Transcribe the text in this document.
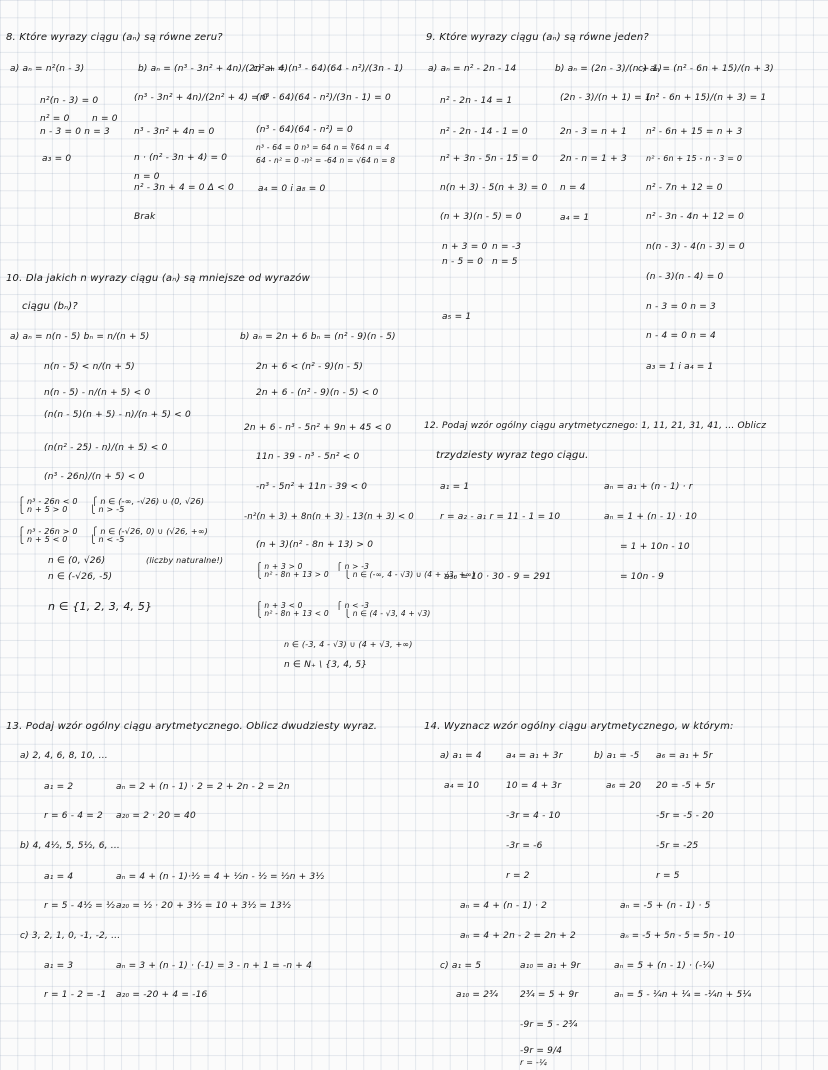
8. Które wyrazy ciągu (aₙ) są równe zeru?
a) aₙ = n²(n - 3)
n²(n - 3) = 0
n² = 0 n = 0
n - 3 = 0 n = 3
a₃ = 0
b) aₙ = (n³ - 3n² + 4n)/(2n² + 4)
(n³ - 3n² + 4n)/(2n² + 4) = 0
n³ - 3n² + 4n = 0
n · (n² - 3n + 4) = 0
n = 0
n² - 3n + 4 = 0 Δ < 0
Brak
c) aₙ = (n³ - 64)(64 - n²)/(3n - 1)
(n³ - 64)(64 - n²)/(3n - 1) = 0
(n³ - 64)(64 - n²) = 0
n³ - 64 = 0 n³ = 64 n = ∛64 n = 4
64 - n² = 0 -n² = -64 n = √64 n = 8
a₄ = 0 i a₈ = 0
9. Które wyrazy ciągu (aₙ) są równe jeden?
a) aₙ = n² - 2n - 14
n² - 2n - 14 = 1
n² - 2n - 14 - 1 = 0
n² + 3n - 5n - 15 = 0
n(n + 3) - 5(n + 3) = 0
(n + 3)(n - 5) = 0
n + 3 = 0 n = -3
n - 5 = 0 n = 5
a₅ = 1
b) aₙ = (2n - 3)/(n + 1)
(2n - 3)/(n + 1) = 1
2n - 3 = n + 1
2n - n = 1 + 3
n = 4
a₄ = 1
c) aₙ = (n² - 6n + 15)/(n + 3)
(n² - 6n + 15)/(n + 3) = 1
n² - 6n + 15 = n + 3
n² - 6n + 15 - n - 3 = 0
n² - 7n + 12 = 0
n² - 3n - 4n + 12 = 0
n(n - 3) - 4(n - 3) = 0
(n - 3)(n - 4) = 0
n - 3 = 0 n = 3
n - 4 = 0 n = 4
a₃ = 1 i a₄ = 1
10. Dla jakich n wyrazy ciągu (aₙ) są mniejsze od wyrazów
ciągu (bₙ)?
a) aₙ = n(n - 5) bₙ = n/(n + 5)
n(n - 5) < n/(n + 5)
n(n - 5) - n/(n + 5) < 0
(n(n - 5)(n + 5) - n)/(n + 5) < 0
(n(n² - 25) - n)/(n + 5) < 0
(n³ - 26n)/(n + 5) < 0
⎧ n³ - 26n < 0     ⎧ n ∈ (-∞, -√26) ∪ (0, √26)
⎩ n + 5 > 0        ⎩ n > -5
⎧ n³ - 26n > 0     ⎧ n ∈ (-√26, 0) ∪ (√26, +∞)
⎩ n + 5 < 0        ⎩ n < -5
n ∈ (0, √26)	(liczby naturalne!)
n ∈ (-√26, -5)
n ∈ {1, 2, 3, 4, 5}
b) aₙ = 2n + 6 bₙ = (n² - 9)(n - 5)
2n + 6 < (n² - 9)(n - 5)
2n + 6 - (n² - 9)(n - 5) < 0
2n + 6 - n³ - 5n² + 9n + 45 < 0
11n - 39 - n³ - 5n² < 0
-n³ - 5n² + 11n - 39 < 0
-n²(n + 3) + 8n(n + 3) - 13(n + 3) < 0
(n + 3)(n² - 8n + 13) > 0
⎧ n + 3 > 0             ⎧ n > -3
⎩ n² - 8n + 13 > 0      ⎩ n ∈ (-∞, 4 - √3) ∪ (4 + √3, +∞)
⎧ n + 3 < 0             ⎧ n < -3
⎩ n² - 8n + 13 < 0      ⎩ n ∈ (4 - √3, 4 + √3)
n ∈ (-3, 4 - √3) ∪ (4 + √3, +∞)
n ∈ N₊ \ {3, 4, 5}
12. Podaj wzór ogólny ciągu arytmetycznego: 1, 11, 21, 31, 41, ... Oblicz
trzydziesty wyraz tego ciągu.
a₁ = 1
r = a₂ - a₁ r = 11 - 1 = 10
a₃₀ = 10 · 30 - 9 = 291
aₙ = a₁ + (n - 1) · r
aₙ = 1 + (n - 1) · 10
= 1 + 10n - 10
= 10n - 9
13. Podaj wzór ogólny ciągu arytmetycznego. Oblicz dwudziesty wyraz.
a) 2, 4, 6, 8, 10, ...
a₁ = 2	aₙ = 2 + (n - 1) · 2 = 2 + 2n - 2 = 2n
r = 6 - 4 = 2 a₂₀ = 2 · 20 = 40
b) 4, 4½, 5, 5½, 6, ...
a₁ = 4	aₙ = 4 + (n - 1)·½ = 4 + ½n - ½ = ½n + 3½
r = 5 - 4½ = ½ a₂₀ = ½ · 20 + 3½ = 10 + 3½ = 13½
c) 3, 2, 1, 0, -1, -2, ...
a₁ = 3	aₙ = 3 + (n - 1) · (-1) = 3 - n + 1 = -n + 4
r = 1 - 2 = -1 a₂₀ = -20 + 4 = -16
14. Wyznacz wzór ogólny ciągu arytmetycznego, w którym:
a) a₁ = 4	a₄ = a₁ + 3r
a₄ = 10	10 = 4 + 3r
-3r = 4 - 10
-3r = -6
r = 2
aₙ = 4 + (n - 1) · 2
aₙ = 4 + 2n - 2 = 2n + 2
b) a₁ = -5 a₆ = a₁ + 5r
a₆ = 20 20 = -5 + 5r
-5r = -5 - 20
-5r = -25
r = 5
aₙ = -5 + (n - 1) · 5
aₙ = -5 + 5n - 5 = 5n - 10
c) a₁ = 5	a₁₀ = a₁ + 9r
a₁₀ = 2¾ 2¾ = 5 + 9r
-9r = 5 - 2¾
-9r = 9/4
r = -¼
aₙ = 5 + (n - 1) · (-¼)
aₙ = 5 - ¼n + ¼ = -¼n + 5¼
